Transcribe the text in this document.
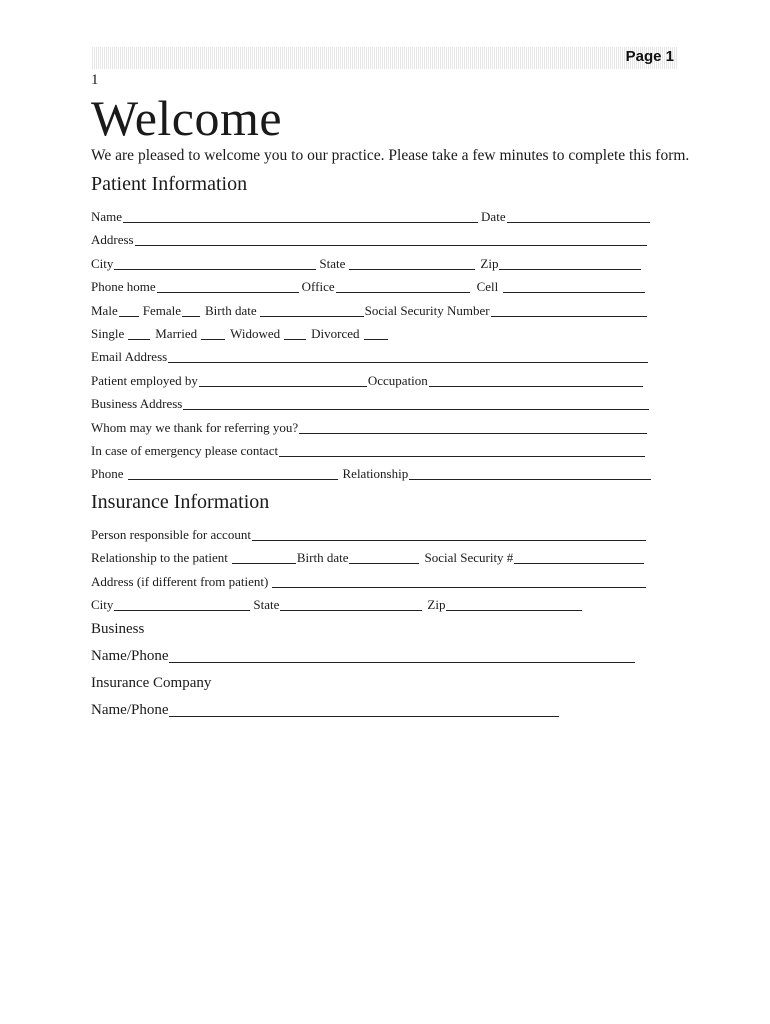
Page 1
1
Welcome
We are pleased to welcome you to our practice. Please take a few minutes to complete this form.
Patient Information
Name	Date
Address
City	State	Zip
Phone home	Office	Cell
Male Female Birth date	Social Security Number
Single Married	Widowed Divorced
Email Address
Patient employed by	Occupation
Business Address
Whom may we thank for referring you?
In case of emergency please contact
Phone	Relationship
Insurance Information
Person responsible for account
Relationship to the patient	Birth date	Social Security #
Address (if different from patient)
City	State	Zip
Business
Name/Phone
Insurance Company
Name/Phone
